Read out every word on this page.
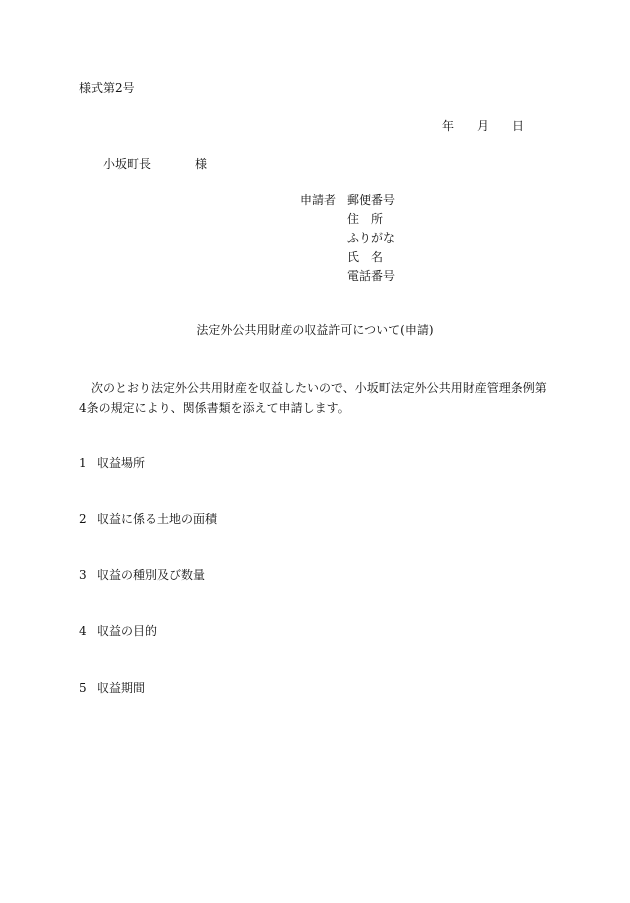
様式第2号
年 月 日
小坂町長	様
申請者 郵便番号
住　所
ふりがな
氏　名
電話番号
法定外公共用財産の収益許可について(申請)
　次のとおり法定外公共用財産を収益したいので、小坂町法定外公共用財産管理条例第4条の規定により、関係書類を添えて申請します。
1 収益場所
2 収益に係る土地の面積
3 収益の種別及び数量
4 収益の目的
5 収益期間
